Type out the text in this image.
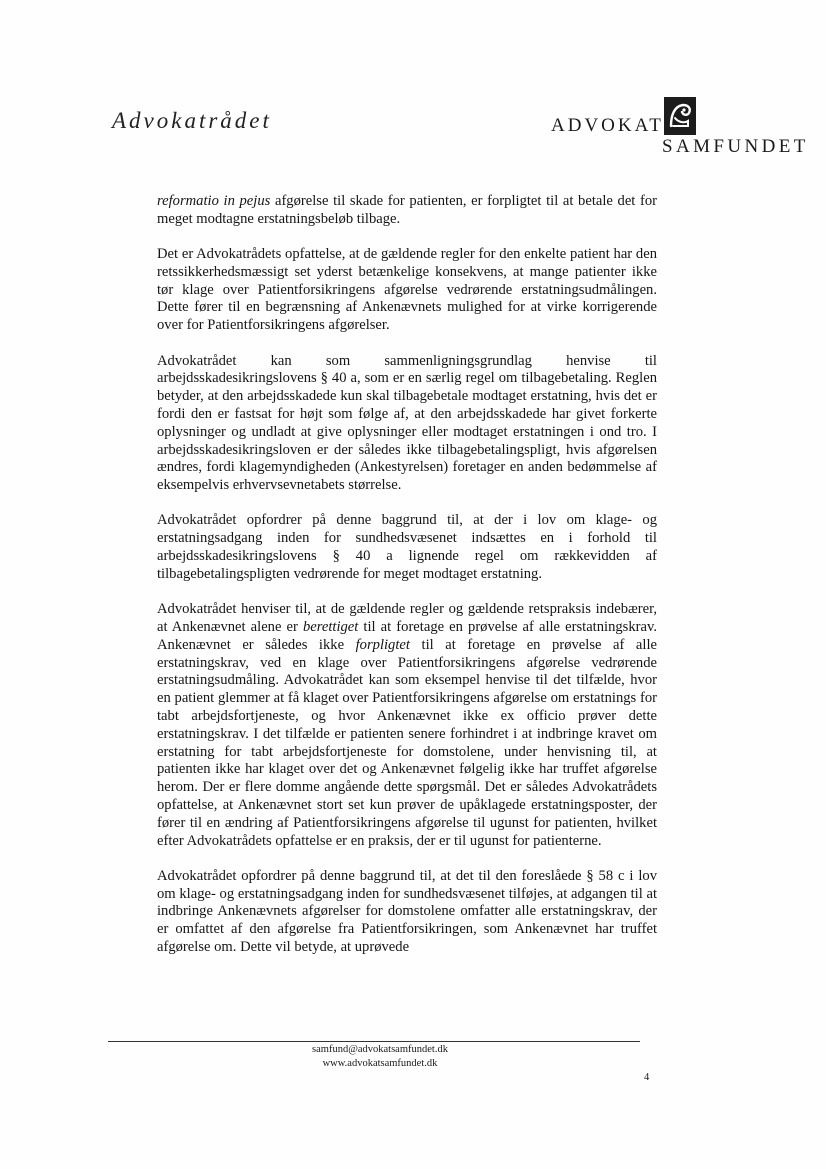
Advokatrådet	ADVOKAT
SAMFUNDET

reformatio in pejus afgørelse til skade for patienten, er forpligtet til at betale det for meget modtagne erstatningsbeløb tilbage.

Det er Advokatrådets opfattelse, at de gældende regler for den enkelte patient har den retssikkerhedsmæssigt set yderst betænkelige konsekvens, at mange patienter ikke tør klage over Patientforsikringens afgørelse vedrørende erstatningsudmålingen. Dette fører til en begrænsning af Ankenævnets mulighed for at virke korrigerende over for Patientforsikringens afgørelser.

Advokatrådet kan som sammenligningsgrundlag henvise til arbejdsskadesikringslovens § 40 a, som er en særlig regel om tilbagebetaling. Reglen betyder, at den arbejdsskadede kun skal tilbagebetale modtaget erstatning, hvis det er fordi den er fastsat for højt som følge af, at den arbejdsskadede har givet forkerte oplysninger og undladt at give oplysninger eller modtaget erstatningen i ond tro. I arbejdsskadesikringsloven er der således ikke tilbagebetalingspligt, hvis afgørelsen ændres, fordi klagemyndigheden (Ankestyrelsen) foretager en anden bedømmelse af eksempelvis erhvervsevnetabets størrelse.

Advokatrådet opfordrer på denne baggrund til, at der i lov om klage- og erstatningsadgang inden for sundhedsvæsenet indsættes en i forhold til arbejdsskadesikringslovens § 40 a lignende regel om rækkevidden af tilbagebetalingspligten vedrørende for meget modtaget erstatning.

Advokatrådet henviser til, at de gældende regler og gældende retspraksis indebærer, at Ankenævnet alene er berettiget til at foretage en prøvelse af alle erstatningskrav. Ankenævnet er således ikke forpligtet til at foretage en prøvelse af alle erstatningskrav, ved en klage over Patientforsikringens afgørelse vedrørende erstatningsudmåling. Advokatrådet kan som eksempel henvise til det tilfælde, hvor en patient glemmer at få klaget over Patientforsikringens afgørelse om erstatnings for tabt arbejdsfortjeneste, og hvor Ankenævnet ikke ex officio prøver dette erstatningskrav. I det tilfælde er patienten senere forhindret i at indbringe kravet om erstatning for tabt arbejdsfortjeneste for domstolene, under henvisning til, at patienten ikke har klaget over det og Ankenævnet følgelig ikke har truffet afgørelse herom. Der er flere domme angående dette spørgsmål. Det er således Advokatrådets opfattelse, at Ankenævnet stort set kun prøver de upåklagede erstatningsposter, der fører til en ændring af Patientforsikringens afgørelse til ugunst for patienten, hvilket efter Advokatrådets opfattelse er en praksis, der er til ugunst for patienterne.

Advokatrådet opfordrer på denne baggrund til, at det til den foreslåede § 58 c i lov om klage- og erstatningsadgang inden for sundhedsvæsenet tilføjes, at adgangen til at indbringe Ankenævnets afgørelser for domstolene omfatter alle erstatningskrav, der er omfattet af den afgørelse fra Patientforsikringen, som Ankenævnet har truffet afgørelse om. Dette vil betyde, at uprøvede

samfund@advokatsamfundet.dk
www.advokatsamfundet.dk
4
